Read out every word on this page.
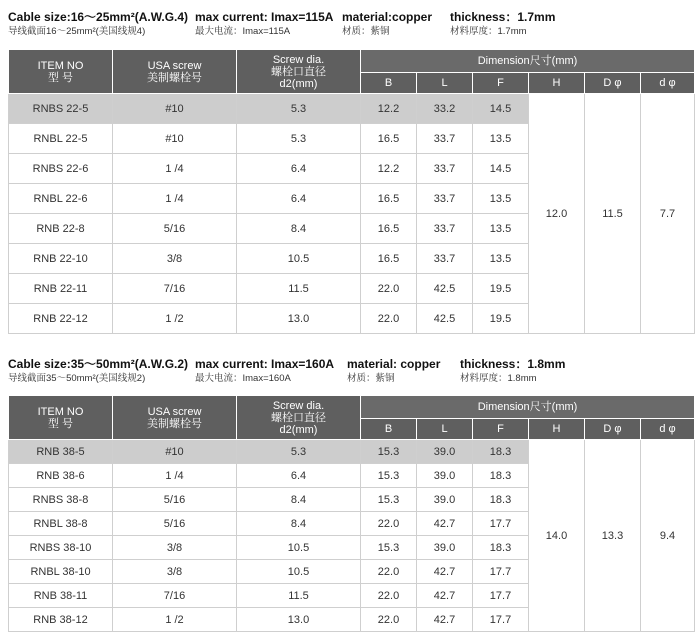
Cable size:16～25mm²(A.W.G.4)
导线截面16～25mm²(美国线规4)
max current: Imax=115A
最大电流：Imax=115A
material:copper
材质：紫铜
thickness：1.7mm
材料厚度：1.7mm
ITEM NO
型 号	USA screw
美制螺栓号	Screw dia.
螺栓口直径
d2(mm)	Dimension尺寸(mm)					
			B	L	F	H	D φ	d φ
RNBS 22-5	#10	5.3	12.2	33.2	14.5	12.0	11.5	7.7
RNBL 22-5	#10	5.3	16.5	33.7	13.5			
RNBS 22-6	1 /4	6.4	12.2	33.7	14.5			
RNBL 22-6	1 /4	6.4	16.5	33.7	13.5			
RNB 22-8	5/16	8.4	16.5	33.7	13.5			
RNB 22-10	3/8	10.5	16.5	33.7	13.5			
RNB 22-11	7/16	11.5	22.0	42.5	19.5			
RNB 22-12	1 /2	13.0	22.0	42.5	19.5			
Cable size:35～50mm²(A.W.G.2)
导线截面35～50mm²(美国线规2)
max current: Imax=160A
最大电流：Imax=160A
material: copper
材质：紫铜
thickness：1.8mm
材料厚度：1.8mm
ITEM NO
型 号	USA screw
美制螺栓号	Screw dia.
螺栓口直径
d2(mm)	Dimension尺寸(mm)					
			B	L	F	H	D φ	d φ
RNB 38-5	#10	5.3	15.3	39.0	18.3	14.0	13.3	9.4
RNB 38-6	1 /4	6.4	15.3	39.0	18.3			
RNBS 38-8	5/16	8.4	15.3	39.0	18.3			
RNBL 38-8	5/16	8.4	22.0	42.7	17.7			
RNBS 38-10	3/8	10.5	15.3	39.0	18.3			
RNBL 38-10	3/8	10.5	22.0	42.7	17.7			
RNB 38-11	7/16	11.5	22.0	42.7	17.7			
RNB 38-12	1 /2	13.0	22.0	42.7	17.7			
